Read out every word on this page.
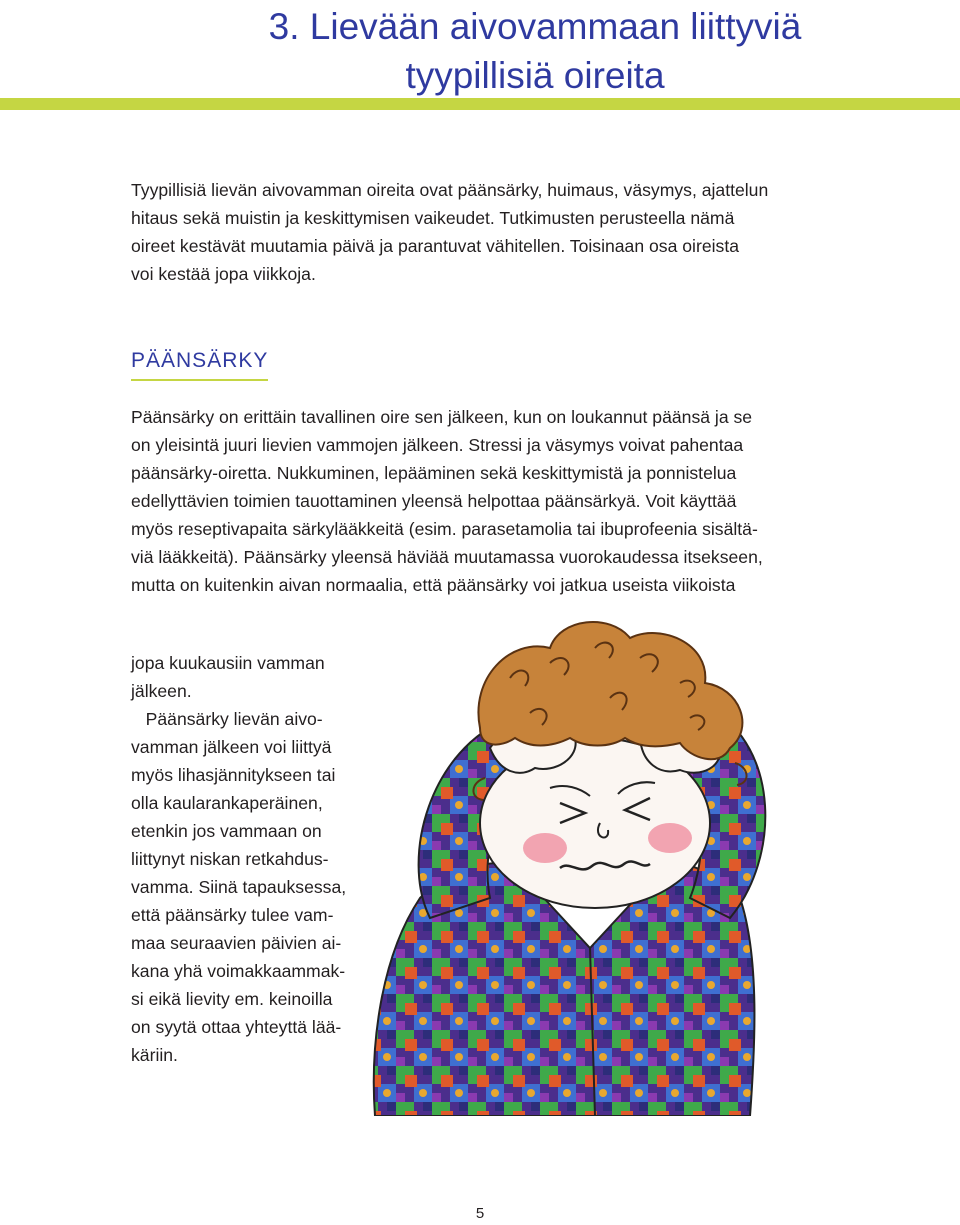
3. Lievään aivovammaan liittyviä
tyypillisiä oireita
Tyypillisiä lievän aivovamman oireita ovat päänsärky, huimaus, väsymys, ajattelun
hitaus sekä muistin ja keskittymisen vaikeudet. Tutkimusten perusteella nämä
oireet kestävät muutamia päivä ja parantuvat vähitellen. Toisinaan osa oireista
voi kestää jopa viikkoja.
PÄÄNSÄRKY
Päänsärky on erittäin tavallinen oire sen jälkeen, kun on loukannut päänsä ja se
on yleisintä juuri lievien vammojen jälkeen. Stressi ja väsymys voivat pahentaa
päänsärky-oiretta. Nukkuminen, lepääminen sekä keskittymistä ja ponnistelua
edellyttävien toimien tauottaminen yleensä helpottaa päänsärkyä. Voit käyttää
myös reseptivapaita särkylääkkeitä (esim. parasetamolia tai ibuprofeenia sisältä-
viä lääkkeitä). Päänsärky yleensä häviää muutamassa vuorokaudessa itsekseen,
mutta on kuitenkin aivan normaalia, että päänsärky voi jatkua useista viikoista
jopa kuukausiin vamman
jälkeen.
Päänsärky lievän aivo-
vamman jälkeen voi liittyä
myös lihasjännitykseen tai
olla kaularankaperäinen,
etenkin jos vammaan on
liittynyt niskan retkahdus-
vamma. Siinä tapauksessa,
että päänsärky tulee vam-
maa seuraavien päivien ai-
kana yhä voimakkaammak-
si eikä lievity em. keinoilla
on syytä ottaa yhteyttä lää-
käriin.
5
